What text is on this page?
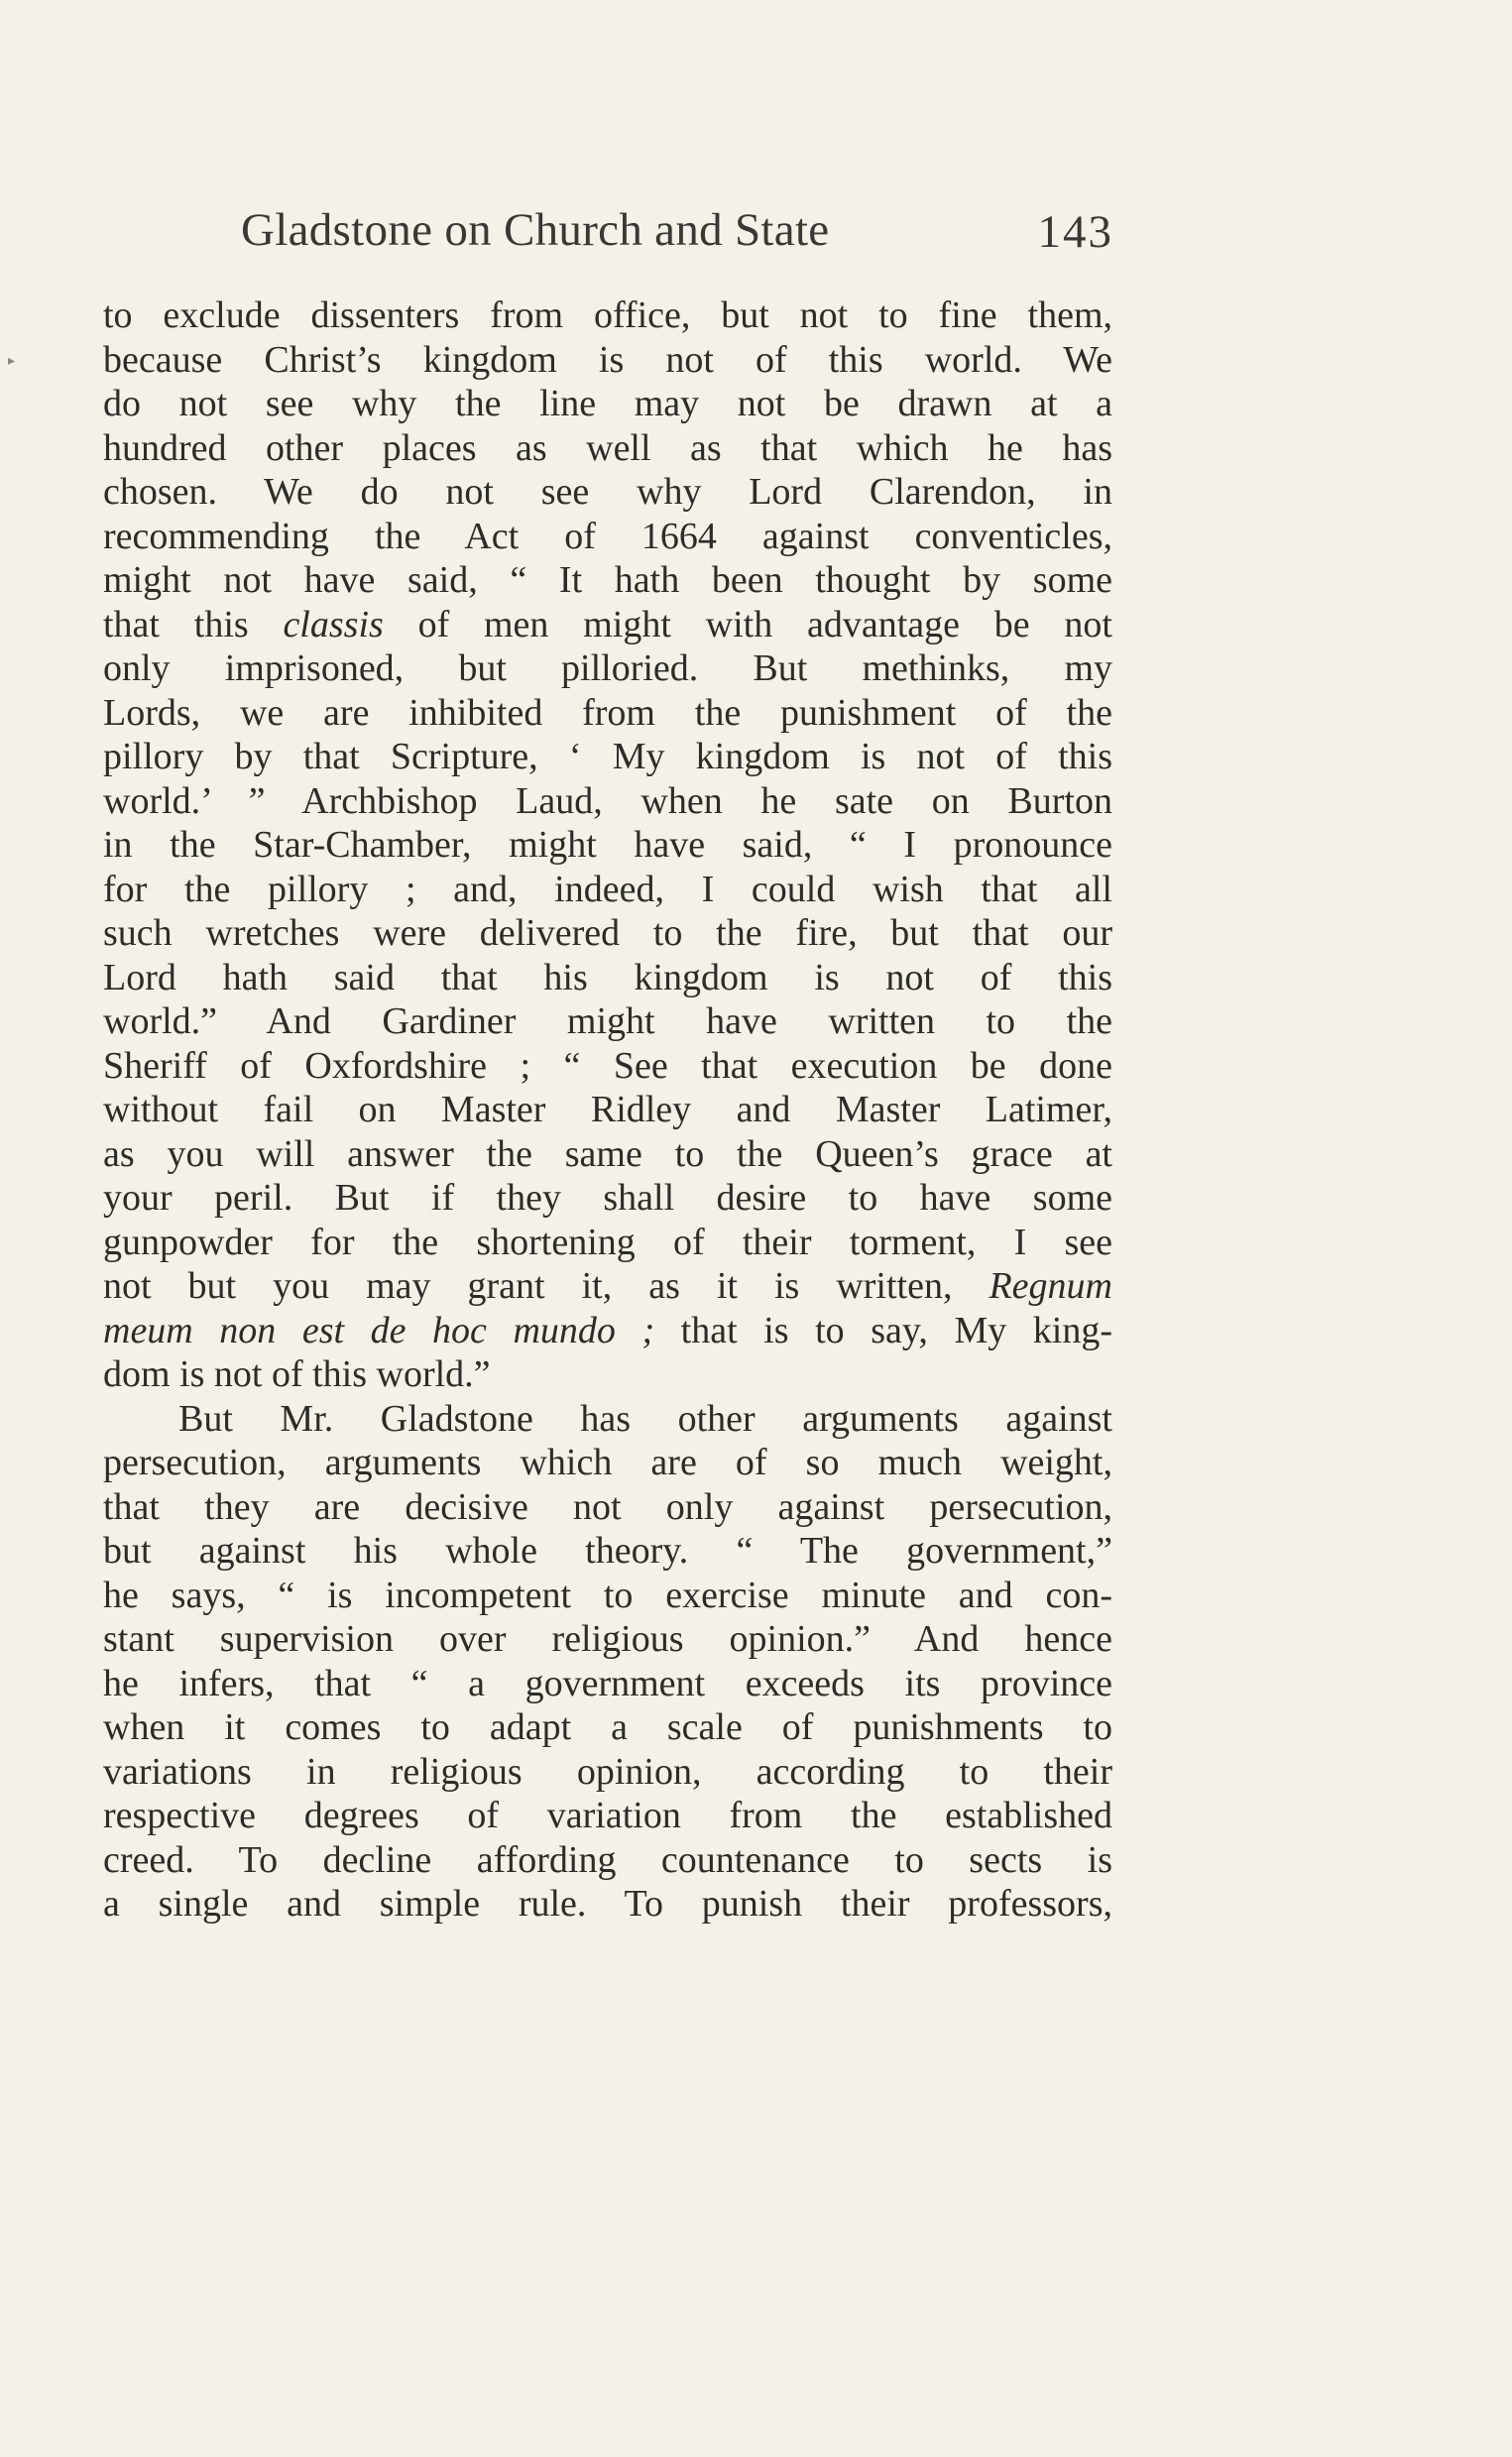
Gladstone on Church and State	143
▸
to exclude dissenters from office, but not to fine them,
because Christ’s kingdom is not of this world. We
do not see why the line may not be drawn at a
hundred other places as well as that which he has
chosen. We do not see why Lord Clarendon, in
recommending the Act of 1664 against conventicles,
might not have said, “ It hath been thought by some
that this classis of men might with advantage be not
only imprisoned, but pilloried. But methinks, my
Lords, we are inhibited from the punishment of the
pillory by that Scripture, ‘ My kingdom is not of this
world.’ ” Archbishop Laud, when he sate on Burton
in the Star-Chamber, might have said, “ I pronounce
for the pillory ; and, indeed, I could wish that all
such wretches were delivered to the fire, but that our
Lord hath said that his kingdom is not of this
world.” And Gardiner might have written to the
Sheriff of Oxfordshire ; “ See that execution be done
without fail on Master Ridley and Master Latimer,
as you will answer the same to the Queen’s grace at
your peril. But if they shall desire to have some
gunpowder for the shortening of their torment, I see
not but you may grant it, as it is written, Regnum
meum non est de hoc mundo ; that is to say, My king-
dom is not of this world.”
But Mr. Gladstone has other arguments against
persecution, arguments which are of so much weight,
that they are decisive not only against persecution,
but against his whole theory. “ The government,”
he says, “ is incompetent to exercise minute and con-
stant supervision over religious opinion.” And hence
he infers, that “ a government exceeds its province
when it comes to adapt a scale of punishments to
variations in religious opinion, according to their
respective degrees of variation from the established
creed. To decline affording countenance to sects is
a single and simple rule. To punish their professors,
